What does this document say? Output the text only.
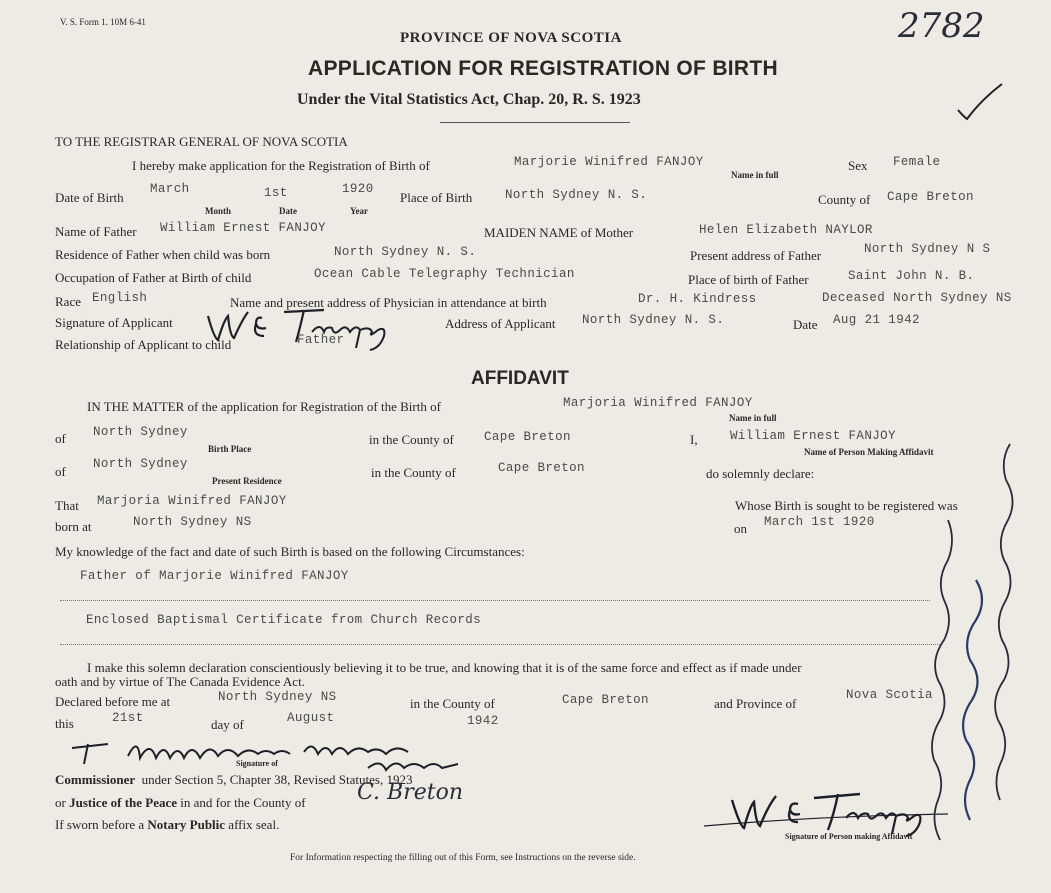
V. S. Form 1. 10M 6-41
PROVINCE OF NOVA SCOTIA
APPLICATION FOR REGISTRATION OF BIRTH
Under the Vital Statistics Act, Chap. 20, R. S. 1923
2782
TO THE REGISTRAR GENERAL OF NOVA SCOTIA
I hereby make application for the Registration of Birth of	Marjorie Winifred FANJOY
Name in full
Sex Female
Date of Birth
March	1st	1920
Month	Date	Year
Place of Birth	North Sydney N. S.	County of Cape Breton
Name of Father William Ernest FANJOY	MAIDEN NAME of Mother	Helen Elizabeth NAYLOR
Residence of Father when child was born	North Sydney N. S.	Present address of Father	North Sydney N S
Occupation of Father at Birth of child	Ocean Cable Telegraphy Technician	Place of birth of Father	Saint John N. B.
Race English	Name and present address of Physician in attendance at birth	Dr. H. Kindress	Deceased North Sydney NS
Signature of Applicant	Address of Applicant North Sydney N. S.	Date Aug 21 1942
Relationship of Applicant to child	Father
AFFIDAVIT
IN THE MATTER of the application for Registration of the Birth of	Marjoria Winifred FANJOY
Name in full
of North Sydney
Birth Place
in the County of Cape Breton	I,	William Ernest FANJOY
Name of Person Making Affidavit
of North Sydney
Present Residence
in the County of	Cape Breton	do solemnly declare:
That Marjoria Winifred FANJOY	Whose Birth is sought to be registered was
born at	North Sydney NS	on March 1st 1920
My knowledge of the fact and date of such Birth is based on the following Circumstances:
Father of Marjorie Winifred FANJOY
Enclosed Baptismal Certificate from Church Records
I make this solemn declaration conscientiously believing it to be true, and knowing that it is of the same force and effect as if made under
oath and by virtue of The Canada Evidence Act.
Declared before me at	North Sydney NS	in the County of	Cape Breton	and Province of
Nova Scotia
this	21st	day of	August	1942
Signature of
Commissioner under Section 5, Chapter 38, Revised Statutes, 1923
or Justice of the Peace in and for the County of C. Breton
If sworn before a Notary Public affix seal.
Signature of Person making Affidavit
For Information respecting the filling out of this Form, see Instructions on the reverse side.
